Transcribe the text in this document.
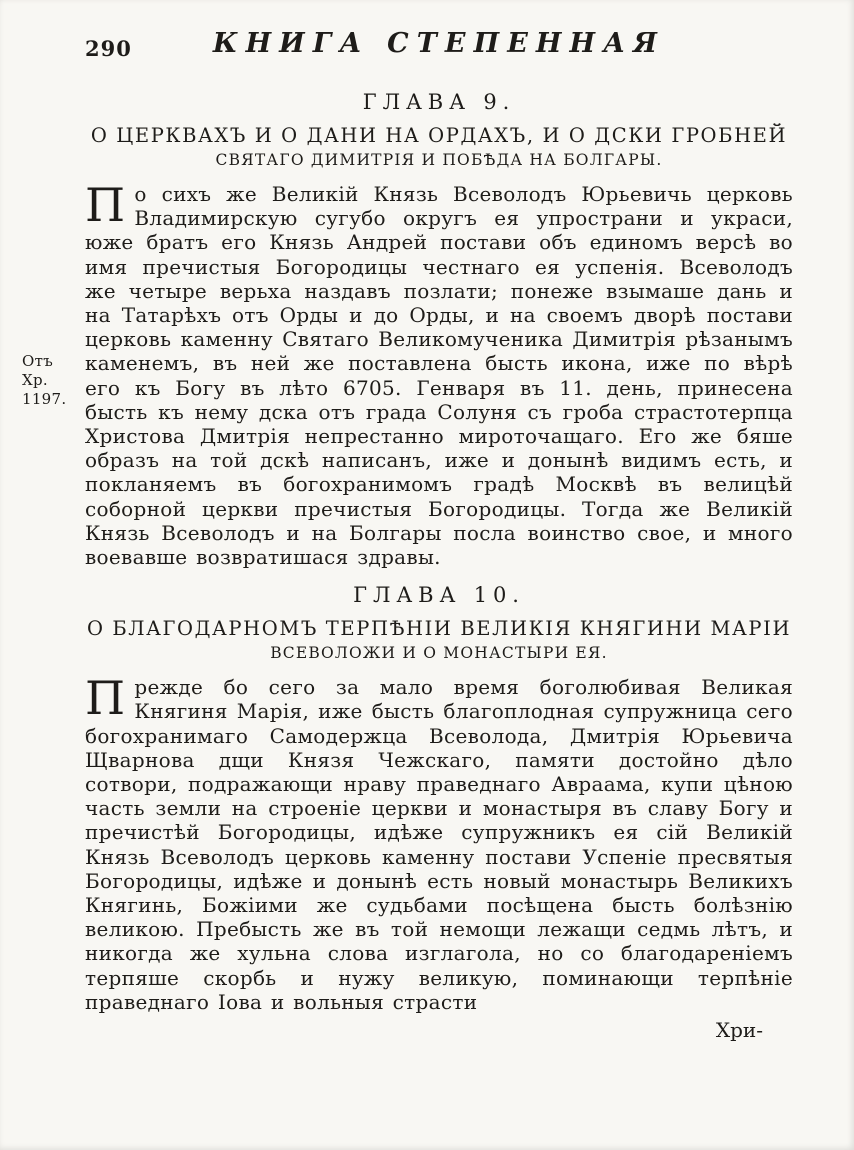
Отъ Хр.
1197.
290	КНИГА СТЕПЕННАЯ
ГЛАВА 9.
О ЦЕРКВАХЪ И О ДАНИ НА ОРДАХЪ, И О ДСКИ ГРОБНЕЙ
СВЯТАГО ДИМИТРІЯ И ПОБѢДА НА БОЛГАРЫ.

По сихъ же Великій Князь Всеволодъ Юрьевичь церковь Владимирскую сугубо округъ ея упространи и украси, юже братъ его Князь Андрей постави объ единомъ версѣ во имя пречистыя Богородицы честнаго ея успенія. Всеволодъ же четыре верьха наздавъ позлати; понеже взымаше дань и на Татарѣхъ отъ Орды и до Орды, и на своемъ дворѣ постави церковь каменну Святаго Великомученика Димитрія рѣзанымъ каменемъ, въ ней же поставлена бысть икона, иже по вѣрѣ его къ Богу въ лѣто 6705. Генваря въ 11. день, принесена бысть къ нему дска отъ града Солуня съ гроба страстотерпца Христова Дмитрія непрестанно мироточащаго. Его же бяше образъ на той дскѣ написанъ, иже и донынѣ видимъ есть, и покланяемъ въ богохранимомъ градѣ Москвѣ въ велицѣй соборной церкви пречистыя Богородицы. Тогда же Великій Князь Всеволодъ и на Болгары посла воинство свое, и много воевавше возвратишася здравы.

ГЛАВА 10.
О БЛАГОДАРНОМЪ ТЕРПѢНІИ ВЕЛИКІЯ КНЯГИНИ МАРІИ
ВСЕВОЛОЖИ И О МОНАСТЫРИ ЕЯ.

Прежде бо сего за мало время боголюбивая Великая Княгиня Марія, иже бысть благоплодная супружница сего богохранимаго Самодержца Всеволода, Дмитрія Юрьевича Щварнова дщи Князя Чежскаго, памяти достойно дѣло сотвори, подражающи нраву праведнаго Авраама, купи цѣною часть земли на строеніе церкви и монастыря въ славу Богу и пречистѣй Богородицы, идѣже супружникъ ея сій Великій Князь Всеволодъ церковь каменну постави Успеніе пресвятыя Богородицы, идѣже и донынѣ есть новый монастырь Великихъ Княгинь, Божіими же судьбами посѣщена бысть болѣзнію великою. Пребысть же въ той немощи лежащи седмь лѣтъ, и никогда же хульна слова изглагола, но со благодареніемъ терпяше скорбь и нужу великую, поминающи терпѣніе праведнаго Іова и вольныя страсти

Хри-
